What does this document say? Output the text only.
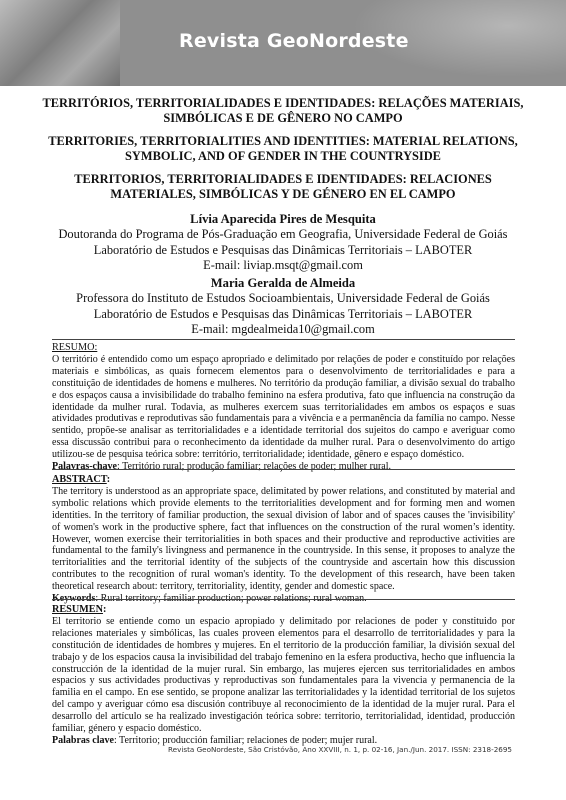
Revista GeoNordeste
TERRITÓRIOS, TERRITORIALIDADES E IDENTIDADES: RELAÇÕES MATERIAIS,
SIMBÓLICAS E DE GÊNERO NO CAMPO
TERRITORIES, TERRITORIALITIES AND IDENTITIES: MATERIAL RELATIONS,
SYMBOLIC, AND OF GENDER IN THE COUNTRYSIDE
TERRITORIOS, TERRITORIALIDADES E IDENTIDADES: RELACIONES
MATERIALES, SIMBÓLICAS Y DE GÉNERO EN EL CAMPO
Lívia Aparecida Pires de Mesquita
Doutoranda do Programa de Pós-Graduação em Geografia, Universidade Federal de Goiás
Laboratório de Estudos e Pesquisas das Dinâmicas Territoriais – LABOTER
E-mail: liviap.msqt@gmail.com
Maria Geralda de Almeida
Professora do Instituto de Estudos Socioambientais, Universidade Federal de Goiás
Laboratório de Estudos e Pesquisas das Dinâmicas Territoriais – LABOTER
E-mail: mgdealmeida10@gmail.com
RESUMO:
O território é entendido como um espaço apropriado e delimitado por relações de poder e constituído por relações materiais e simbólicas, as quais fornecem elementos para o desenvolvimento de territorialidades e para a constituição de identidades de homens e mulheres. No território da produção familiar, a divisão sexual do trabalho e dos espaços causa a invisibilidade do trabalho feminino na esfera produtiva, fato que influencia na construção da identidade da mulher rural. Todavia, as mulheres exercem suas territorialidades em ambos os espaços e suas atividades produtivas e reprodutivas são fundamentais para a vivência e a permanência da família no campo. Nesse sentido, propõe-se analisar as territorialidades e a identidade territorial dos sujeitos do campo e averiguar como essa discussão contribui para o reconhecimento da identidade da mulher rural. Para o desenvolvimento do artigo utilizou-se de pesquisa teórica sobre: território, territorialidade; identidade, gênero e espaço doméstico.
Palavras-chave: Território rural; produção familiar; relações de poder; mulher rural.
ABSTRACT:
The territory is understood as an appropriate space, delimitated by power relations, and constituted by material and symbolic relations which provide elements to the territorialities development and for forming men and women identities. In the territory of familiar production, the sexual division of labor and of spaces causes the 'invisibility' of women's work in the productive sphere, fact that influences on the construction of the rural women’s identity. However, women exercise their territorialities in both spaces and their productive and reproductive activities are fundamental to the family's livingness and permanence in the countryside. In this sense, it proposes to analyze the territorialities and the territorial identity of the subjects of the countryside and ascertain how this discussion contributes to the recognition of rural woman's identity. To the development of this research, have been taken theoretical research about: territory, territoriality, identity, gender and domestic space.
Keywords: Rural territory; familiar production; power relations; rural woman.
RESUMEN:
El territorio se entiende como un espacio apropiado y delimitado por relaciones de poder y constituido por relaciones materiales y simbólicas, las cuales proveen elementos para el desarrollo de territorialidades y para la constitución de identidades de hombres y mujeres. En el territorio de la producción familiar, la división sexual del trabajo y de los espacios causa la invisibilidad del trabajo femenino en la esfera productiva, hecho que influencia la construcción de la identidad de la mujer rural. Sin embargo, las mujeres ejercen sus territorialidades en ambos espacios y sus actividades productivas y reproductivas son fundamentales para la vivencia y permanencia de la familia en el campo. En ese sentido, se propone analizar las territorialidades y la identidad territorial de los sujetos del campo y averiguar cómo esa discusión contribuye al reconocimiento de la identidad de la mujer rural. Para el desarrollo del artículo se ha realizado investigación teórica sobre: territorio, territorialidad, identidad, producción familiar, género y espacio doméstico.
Palabras clave: Territorio; producción familiar; relaciones de poder; mujer rural.
Revista GeoNordeste, São Cristóvão, Ano XXVIII, n. 1, p. 02-16, Jan./Jun. 2017. ISSN: 2318-2695
